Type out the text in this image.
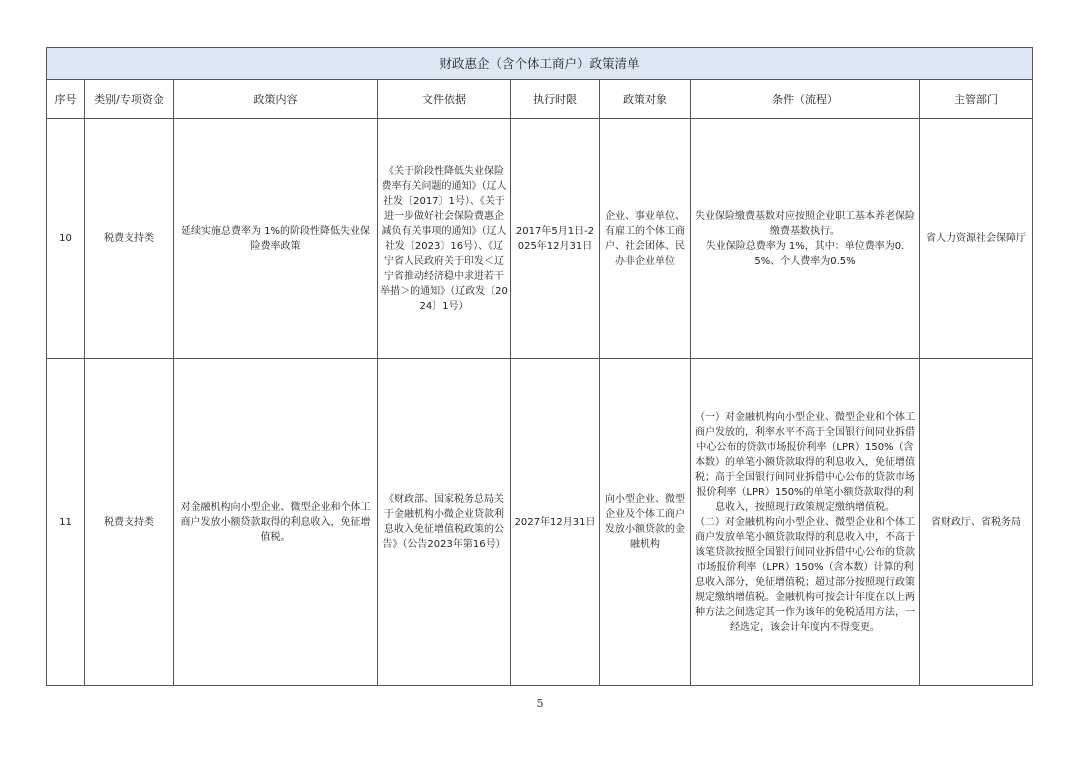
财政惠企（含个体工商户）政策清单							
序号	类别/专项资金	政策内容	文件依据	执行时限	政策对象	条件（流程）	主管部门
10	税费支持类	延续实施总费率为 1%的阶段性降低失业保险费率政策	《关于阶段性降低失业保险费率有关问题的通知》（辽人社发〔2017〕1号）、《关于进一步做好社会保险费惠企减负有关事项的通知》（辽人社发〔2023〕16号）、《辽宁省人民政府关于印发＜辽宁省推动经济稳中求进若干举措＞的通知》（辽政发〔2024〕1号）	2017年5月1日-2025年12月31日	企业、事业单位、有雇工的个体工商户、社会团体、民办非企业单位	失业保险缴费基数对应按照企业职工基本养老保险缴费基数执行。

失业保险总费率为 1%，其中：单位费率为0.5%、个人费率为0.5%	省人力资源社会保障厅
11	税费支持类	对金融机构向小型企业、微型企业和个体工商户发放小额贷款取得的利息收入，免征增值税。	《财政部、国家税务总局关于金融机构小微企业贷款利息收入免征增值税政策的公告》（公告2023年第16号）	2027年12月31日	向小型企业、微型企业及个体工商户发放小额贷款的金融机构	（一）对金融机构向小型企业、微型企业和个体工商户发放的，利率水平不高于全国银行间同业拆借中心公布的贷款市场报价利率（LPR）150%（含本数）的单笔小额贷款取得的利息收入，免征增值税；高于全国银行间同业拆借中心公布的贷款市场报价利率（LPR）150%的单笔小额贷款取得的利息收入，按照现行政策规定缴纳增值税。

（二）对金融机构向小型企业、微型企业和个体工商户发放单笔小额贷款取得的利息收入中，不高于该笔贷款按照全国银行间同业拆借中心公布的贷款市场报价利率（LPR）150%（含本数）计算的利息收入部分，免征增值税；超过部分按照现行政策规定缴纳增值税。金融机构可按会计年度在以上两种方法之间选定其一作为该年的免税适用方法，一经选定，该会计年度内不得变更。	省财政厅、省税务局
5
